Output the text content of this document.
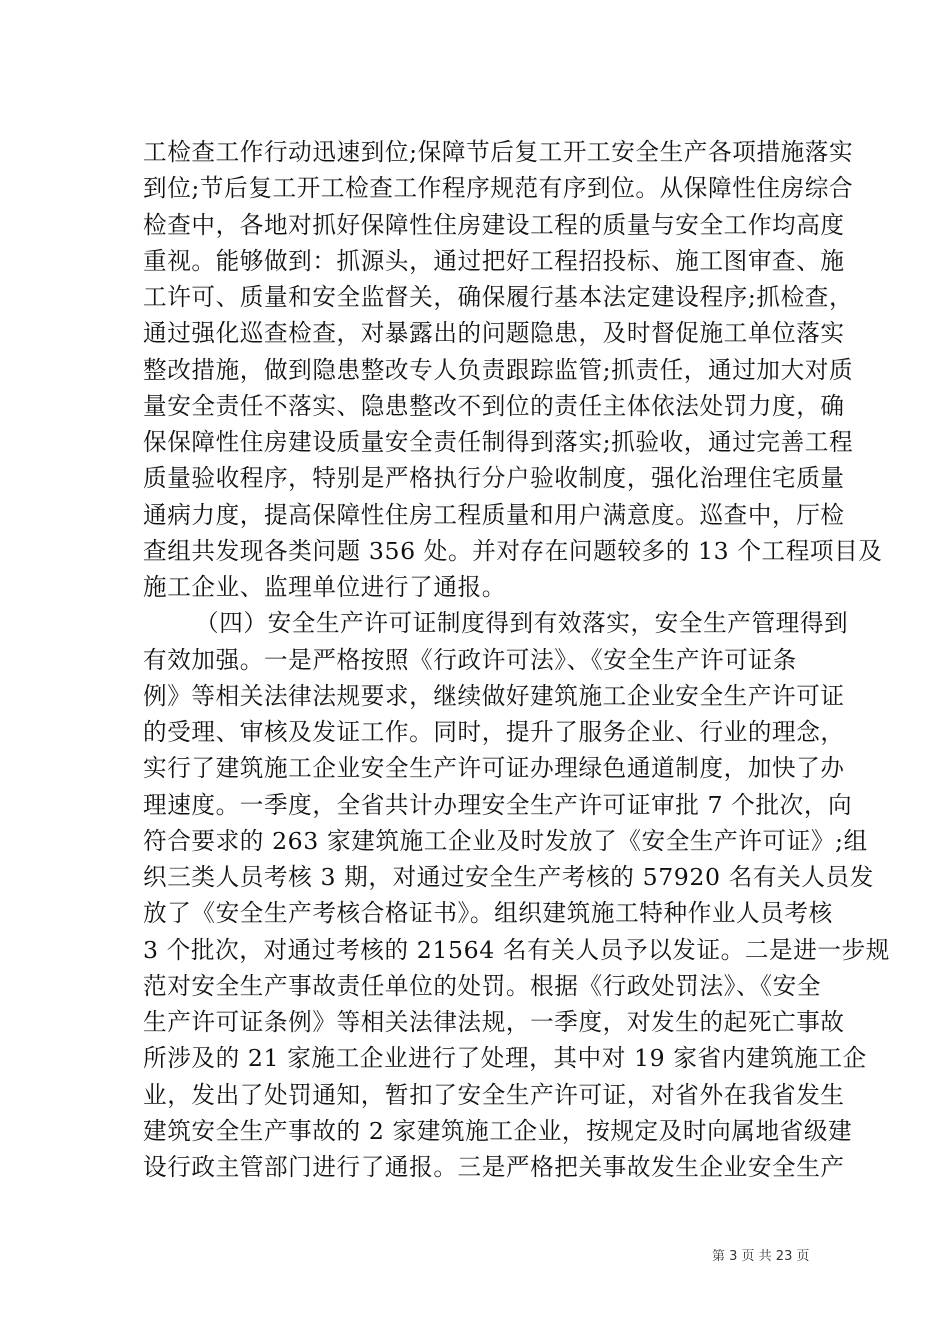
工检查工作行动迅速到位;保障节后复工开工安全生产各项措施落实
到位;节后复工开工检查工作程序规范有序到位。从保障性住房综合
检查中，各地对抓好保障性住房建设工程的质量与安全工作均高度
重视。能够做到：抓源头，通过把好工程招投标、施工图审查、施
工许可、质量和安全监督关，确保履行基本法定建设程序;抓检查，
通过强化巡查检查，对暴露出的问题隐患，及时督促施工单位落实
整改措施，做到隐患整改专人负责跟踪监管;抓责任，通过加大对质
量安全责任不落实、隐患整改不到位的责任主体依法处罚力度，确
保保障性住房建设质量安全责任制得到落实;抓验收，通过完善工程
质量验收程序，特别是严格执行分户验收制度，强化治理住宅质量
通病力度，提高保障性住房工程质量和用户满意度。巡查中，厅检
查组共发现各类问题 356 处。并对存在问题较多的 13 个工程项目及
施工企业、监理单位进行了通报。
（四）安全生产许可证制度得到有效落实，安全生产管理得到
有效加强。一是严格按照《行政许可法》、《安全生产许可证条
例》等相关法律法规要求，继续做好建筑施工企业安全生产许可证
的受理、审核及发证工作。同时，提升了服务企业、行业的理念，
实行了建筑施工企业安全生产许可证办理绿色通道制度，加快了办
理速度。一季度，全省共计办理安全生产许可证审批 7 个批次，向
符合要求的 263 家建筑施工企业及时发放了《安全生产许可证》;组
织三类人员考核 3 期，对通过安全生产考核的 57920 名有关人员发
放了《安全生产考核合格证书》。组织建筑施工特种作业人员考核
3 个批次，对通过考核的 21564 名有关人员予以发证。二是进一步规
范对安全生产事故责任单位的处罚。根据《行政处罚法》、《安全
生产许可证条例》等相关法律法规，一季度，对发生的起死亡事故
所涉及的 21 家施工企业进行了处理，其中对 19 家省内建筑施工企
业，发出了处罚通知，暂扣了安全生产许可证，对省外在我省发生
建筑安全生产事故的 2 家建筑施工企业，按规定及时向属地省级建
设行政主管部门进行了通报。三是严格把关事故发生企业安全生产
第 3 页 共 23 页
